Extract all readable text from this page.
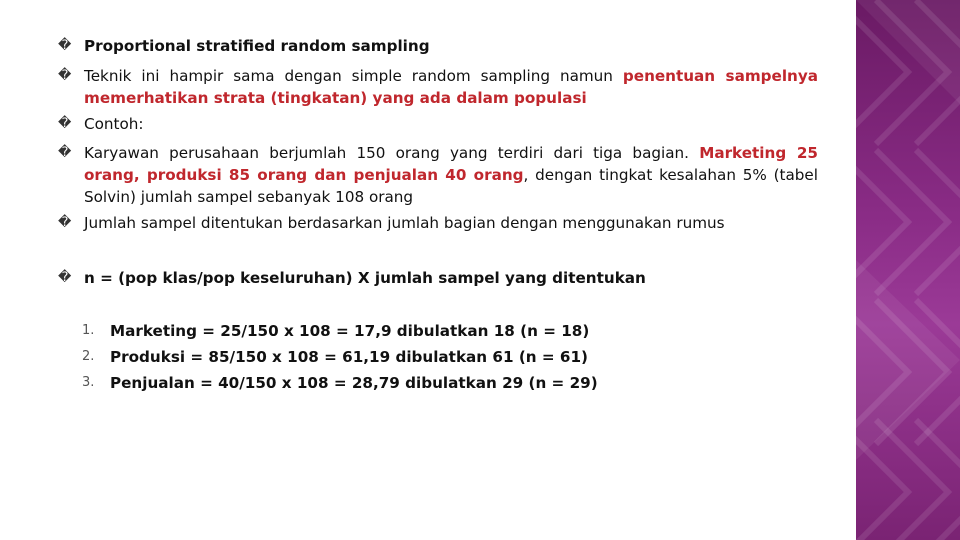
� Proportional stratified random sampling
� Teknik ini hampir sama dengan simple random sampling namun penentuan sampelnya memerhatikan strata (tingkatan) yang ada dalam populasi
� Contoh:
� Karyawan perusahaan berjumlah 150 orang yang terdiri dari tiga bagian. Marketing 25 orang, produksi 85 orang dan penjualan 40 orang, dengan tingkat kesalahan 5% (tabel Solvin) jumlah sampel sebanyak 108 orang
� Jumlah sampel ditentukan berdasarkan jumlah bagian dengan menggunakan rumus
� n = (pop klas/pop keseluruhan) X jumlah sampel yang ditentukan
1.	Marketing = 25/150 x 108 = 17,9 dibulatkan 18 (n = 18)
2.	Produksi = 85/150 x 108 = 61,19 dibulatkan 61 (n = 61)
3.	Penjualan = 40/150 x 108 = 28,79 dibulatkan 29 (n = 29)
